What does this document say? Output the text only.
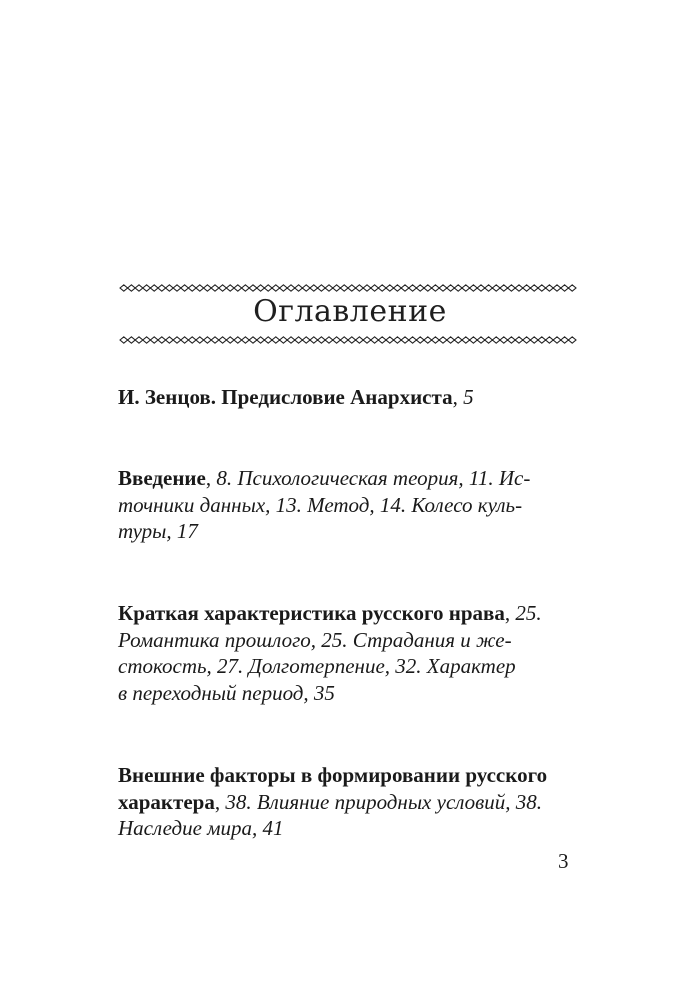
Оглавление
И. Зенцов. Предисловие Анархиста, 5
Введение, 8. Психологическая теория, 11. Ис-
точники данных, 13. Метод, 14. Колесо куль-
туры, 17
Краткая характеристика русского нрава, 25.
Романтика прошлого, 25. Страдания и же-
стокость, 27. Долготерпение, 32. Характер
в переходный период, 35
Внешние факторы в формировании русского
характера, 38. Влияние природных условий, 38.
Наследие мира, 41
3
